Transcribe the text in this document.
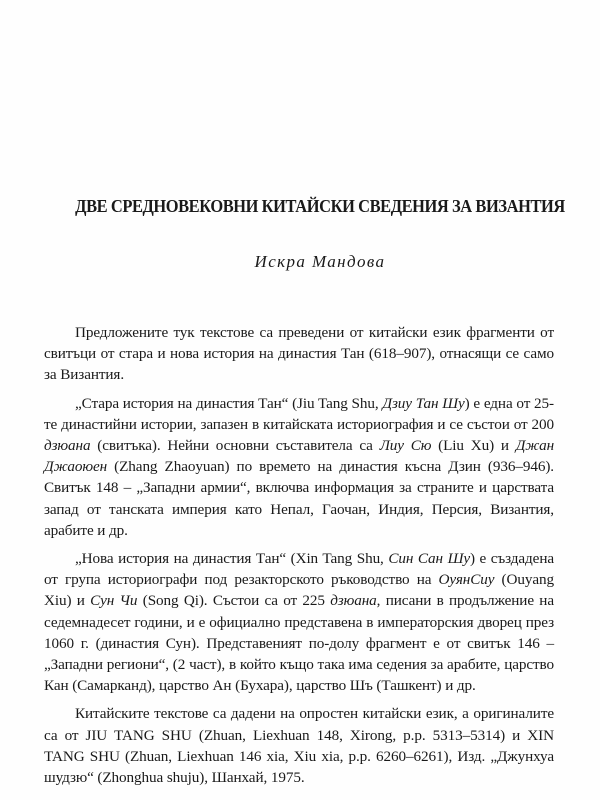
ДВЕ СРЕДНОВЕКОВНИ КИТАЙСКИ СВЕДЕНИЯ ЗА ВИЗАНТИЯ
Искра Мандова

Предложените тук текстове са преведени от китайски език фрагменти от свитъци от стара и нова история на династия Тан (618–907), отнасящи се само за Византия.

„Стара история на династия Тан“ (Jiu Tang Shu, Дзиу Тан Шу) е една от 25-те династийни истории, запазен в китайската историография и се състои от 200 дзюана (свитъка). Нейни основни съставитела са Лиу Сю (Liu Xu) и Джан Джаоюен (Zhang Zhaoyuan) по времето на династия късна Дзин (936–946). Свитък 148 – „Западни армии“, включва информация за страните и царствата запад от танската империя като Непал, Гаочан, Индия, Персия, Византия, арабите и др.

„Нова история на династия Тан“ (Xin Tang Shu, Син Сан Шу) е създадена от група историографи под резакторското ръководство на ОуянСиу (Ouyang Xiu) и Сун Чи (Song Qi). Състои са от 225 дзюана, писани в продължение на седемнадесет години, и е официално представена в императорския дворец през 1060 г. (династия Сун). Представеният по-долу фрагмент е от свитък 146 – „Западни региони“, (2 част), в който къщо така има седения за арабите, царство Кан (Самарканд), царство Ан (Бухара), царство Шъ (Ташкент) и др.

Китайските текстове са дадени на опростен китайски език, а оригиналите са от JIU TANG SHU (Zhuan, Liexhuan 148, Xirong, p.p. 5313–5314) и XIN TANG SHU (Zhuan, Liexhuan 146 xia, Xiu xia, p.p. 6260–6261), Изд. „Джунхуа шудзю“ (Zhonghua shuju), Шанхай, 1975.
